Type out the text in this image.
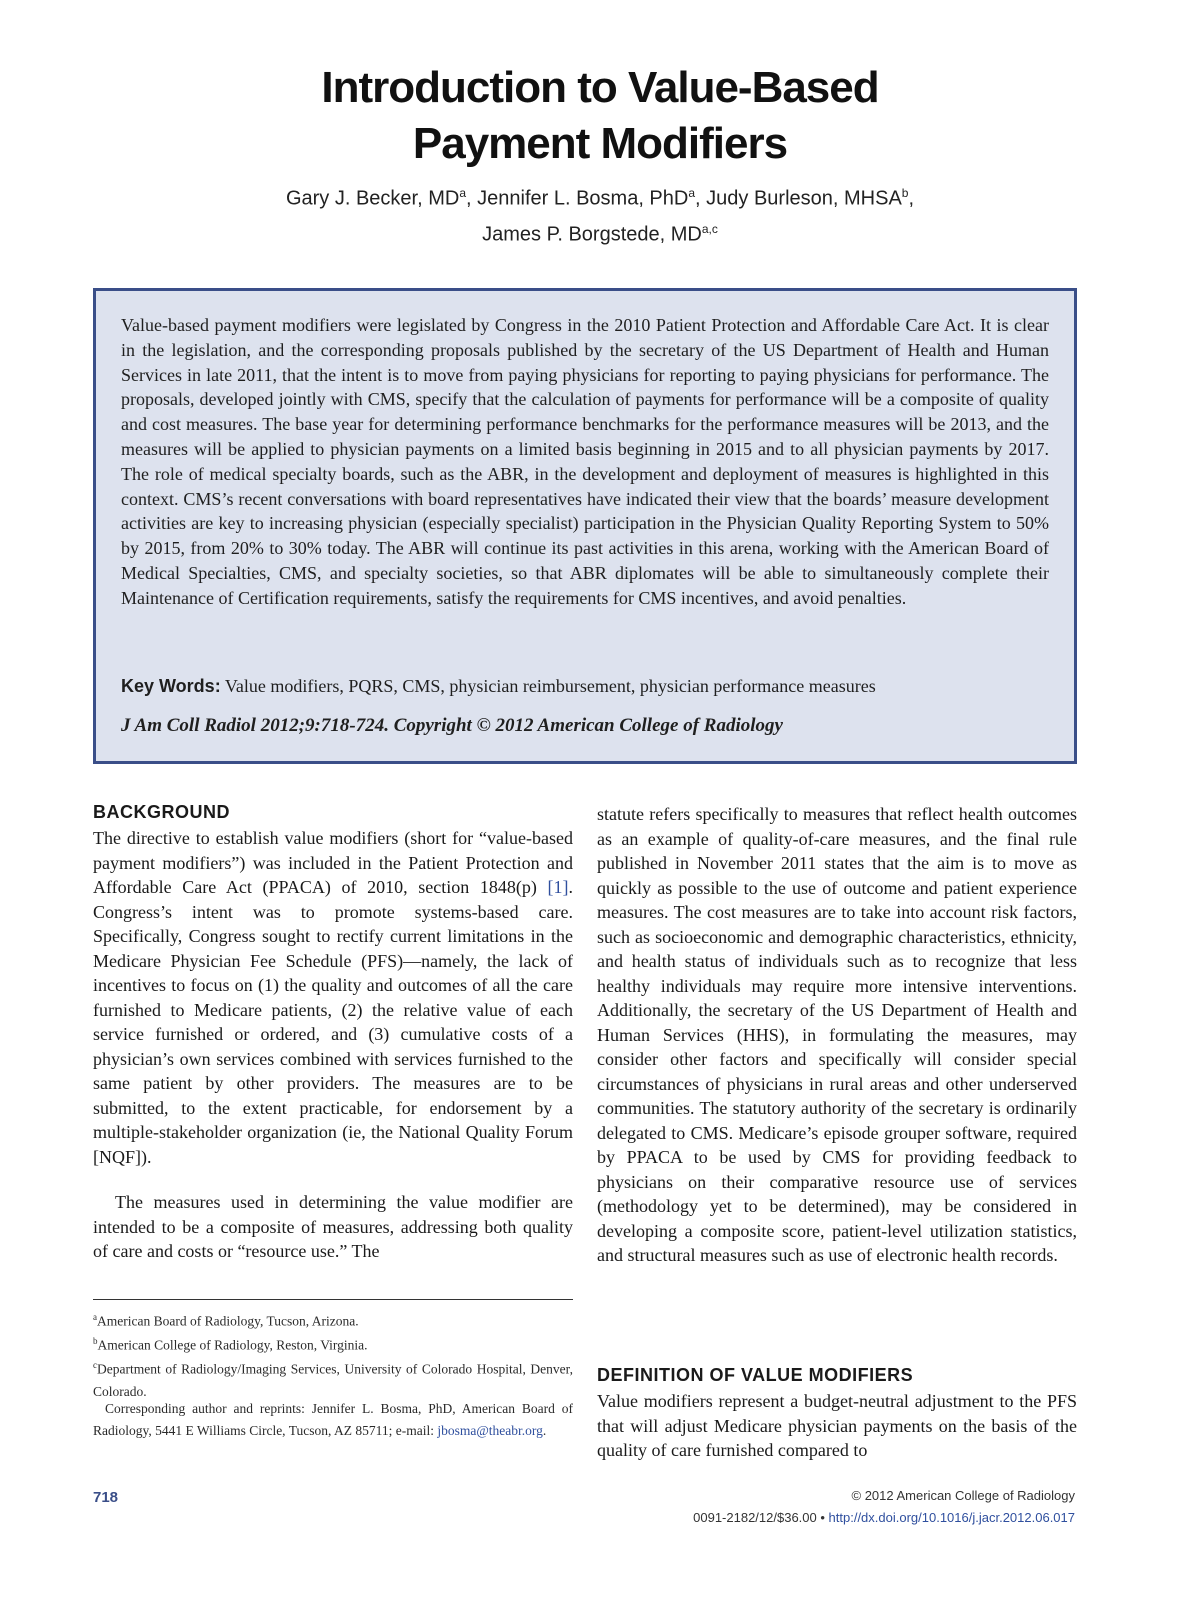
Introduction to Value-Based
Payment Modifiers
Gary J. Becker, $MD^a$, Jennifer L. Bosma, PhD$^a$, Judy Burleson, MHSA$^b$,
James P. Borgstede, MD$^{a,c}$
Value-based payment modifiers were legislated by Congress in the 2010 Patient Protection and Affordable Care Act. It is clear in the legislation, and the corresponding proposals published by the secretary of the US Department of Health and Human Services in late 2011, that the intent is to move from paying physicians for reporting to paying physicians for performance. The proposals, developed jointly with CMS, specify that the calculation of payments for performance will be a composite of quality and cost measures. The base year for determining performance benchmarks for the performance measures will be 2013, and the measures will be applied to physician payments on a limited basis beginning in 2015 and to all physician payments by 2017. The role of medical specialty boards, such as the ABR, in the development and deployment of measures is highlighted in this context. CMS’s recent conversations with board representatives have indicated their view that the boards’ measure development activities are key to increasing physician (especially specialist) participation in the Physician Quality Reporting System to 50% by 2015, from 20% to 30% today. The ABR will continue its past activities in this arena, working with the American Board of Medical Specialties, CMS, and specialty societies, so that ABR diplomates will be able to simultaneously complete their Maintenance of Certification requirements, satisfy the requirements for CMS incentives, and avoid penalties.
Key Words: Value modifiers, PQRS, CMS, physician reimbursement, physician performance measures
J Am Coll Radiol 2012;9:718-724. Copyright © 2012 American College of Radiology
BACKGROUND

The directive to establish value modifiers (short for “value-based payment modifiers”) was included in the Patient Protection and Affordable Care Act (PPACA) of 2010, section 1848(p) [1]. Congress’s intent was to promote systems-based care. Specifically, Congress sought to rectify current limitations in the Medicare Physician Fee Schedule (PFS)—namely, the lack of incentives to focus on (1) the quality and outcomes of all the care furnished to Medicare patients, (2) the relative value of each service furnished or ordered, and (3) cumulative costs of a physician’s own services combined with services furnished to the same patient by other providers. The measures are to be submitted, to the extent practicable, for endorsement by a multiple-stakeholder organization (ie, the National Quality Forum [NQF]).

The measures used in determining the value modifier are intended to be a composite of measures, addressing both quality of care and costs or “resource use.” The

statute refers specifically to measures that reflect health outcomes as an example of quality-of-care measures, and the final rule published in November 2011 states that the aim is to move as quickly as possible to the use of outcome and patient experience measures. The cost measures are to take into account risk factors, such as socioeconomic and demographic characteristics, ethnicity, and health status of individuals such as to recognize that less healthy individuals may require more intensive interventions. Additionally, the secretary of the US Department of Health and Human Services (HHS), in formulating the measures, may consider other factors and specifically will consider special circumstances of physicians in rural areas and other underserved communities. The statutory authority of the secretary is ordinarily delegated to CMS. Medicare’s episode grouper software, required by PPACA to be used by CMS for providing feedback to physicians on their comparative resource use of services (methodology yet to be determined), may be considered in developing a composite score, patient-level utilization statistics, and structural measures such as use of electronic health records.

DEFINITION OF VALUE MODIFIERS

Value modifiers represent a budget-neutral adjustment to the PFS that will adjust Medicare physician payments on the basis of the quality of care furnished compared to

$^a$American Board of Radiology, Tucson, Arizona.

$^b$American College of Radiology, Reston, Virginia.

$^c$Department of Radiology/Imaging Services, University of Colorado Hospital, Denver, Colorado.

Corresponding author and reprints: Jennifer L. Bosma, PhD, American Board of Radiology, 5441 E Williams Circle, Tucson, AZ 85711; e-mail: jbosma@theabr.org.

718	© 2012 American College of Radiology
0091-2182/12/$36.00 • http://dx.doi.org/10.1016/j.jacr.2012.06.017
